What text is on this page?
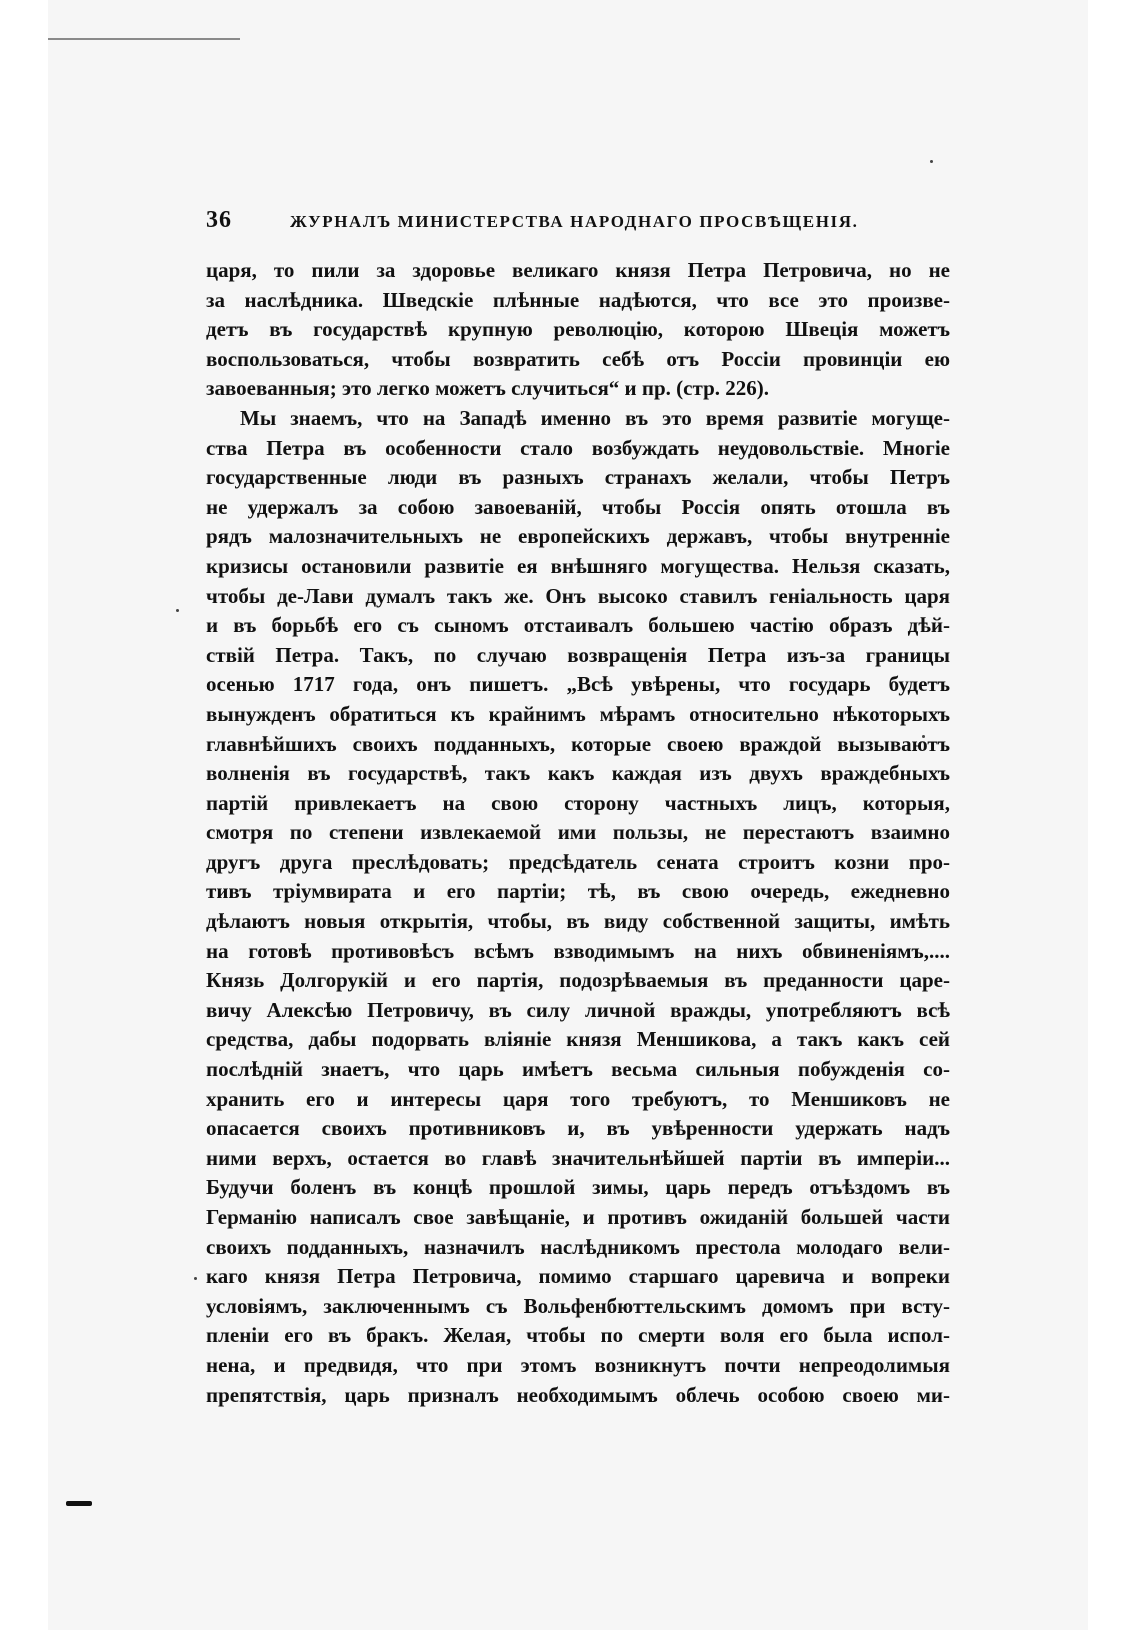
36	ЖУРНАЛЪ МИНИСТЕРСТВА НАРОДНАГО ПРОСВѢЩЕНІЯ.
царя, то пили за здоровье великаго князя Петра Петровича, но не
за наслѣдника. Шведскіе плѣнные надѣются, что все это произве-
детъ въ государствѣ крупную революцію, которою Швеція можетъ
воспользоваться, чтобы возвратить себѣ отъ Россіи провинціи ею
завоеванныя; это легко можетъ случиться“ и пр. (стр. 226).
Мы знаемъ, что на Западѣ именно въ это время развитіе могуще-
ства Петра въ особенности стало возбуждать неудовольствіе. Многіе
государственные люди въ разныхъ странахъ желали, чтобы Петръ
не удержалъ за собою завоеваній, чтобы Россія опять отошла въ
рядъ малозначительныхъ не европейскихъ державъ, чтобы внутренніе
кризисы остановили развитіе ея внѣшняго могущества. Нельзя сказать,
чтобы де-Лави думалъ такъ же. Онъ высоко ставилъ геніальность царя
и въ борьбѣ его съ сыномъ отстаивалъ большею частію образъ дѣй-
ствій Петра. Такъ, по случаю возвращенія Петра изъ-за границы
осенью 1717 года, онъ пишетъ. „Всѣ увѣрены, что государь будетъ
вынужденъ обратиться къ крайнимъ мѣрамъ относительно нѣкоторыхъ
главнѣйшихъ своихъ подданныхъ, которые своею враждой вызываютъ
волненія въ государствѣ, такъ какъ каждая изъ двухъ враждебныхъ
партій привлекаетъ на свою сторону частныхъ лицъ, которыя,
смотря по степени извлекаемой ими пользы, не перестаютъ взаимно
другъ друга преслѣдовать; предсѣдатель сената строитъ козни про-
тивъ тріумвирата и его партіи; тѣ, въ свою очередь, ежедневно
дѣлаютъ новыя открытія, чтобы, въ виду собственной защиты, имѣть
на готовѣ противовѣсъ всѣмъ взводимымъ на нихъ обвиненіямъ,....
Князь Долгорукій и его партія, подозрѣваемыя въ преданности царе-
вичу Алексѣю Петровичу, въ силу личной вражды, употребляютъ всѣ
средства, дабы подорвать вліяніе князя Меншикова, а такъ какъ сей
послѣдній знаетъ, что царь имѣетъ весьма сильныя побужденія со-
хранить его и интересы царя того требуютъ, то Меншиковъ не
опасается своихъ противниковъ и, въ увѣренности удержать надъ
ними верхъ, остается во главѣ значительнѣйшей партіи въ имперіи...
Будучи боленъ въ концѣ прошлой зимы, царь передъ отъѣздомъ въ
Германію написалъ свое завѣщаніе, и противъ ожиданій большей части
своихъ подданныхъ, назначилъ наслѣдникомъ престола молодаго вели-
каго князя Петра Петровича, помимо старшаго царевича и вопреки
условіямъ, заключеннымъ съ Вольфенбюттельскимъ домомъ при всту-
пленіи его въ бракъ. Желая, чтобы по смерти воля его была испол-
нена, и предвидя, что при этомъ возникнутъ почти непреодолимыя
препятствія, царь призналъ необходимымъ облечь особою своею ми-
